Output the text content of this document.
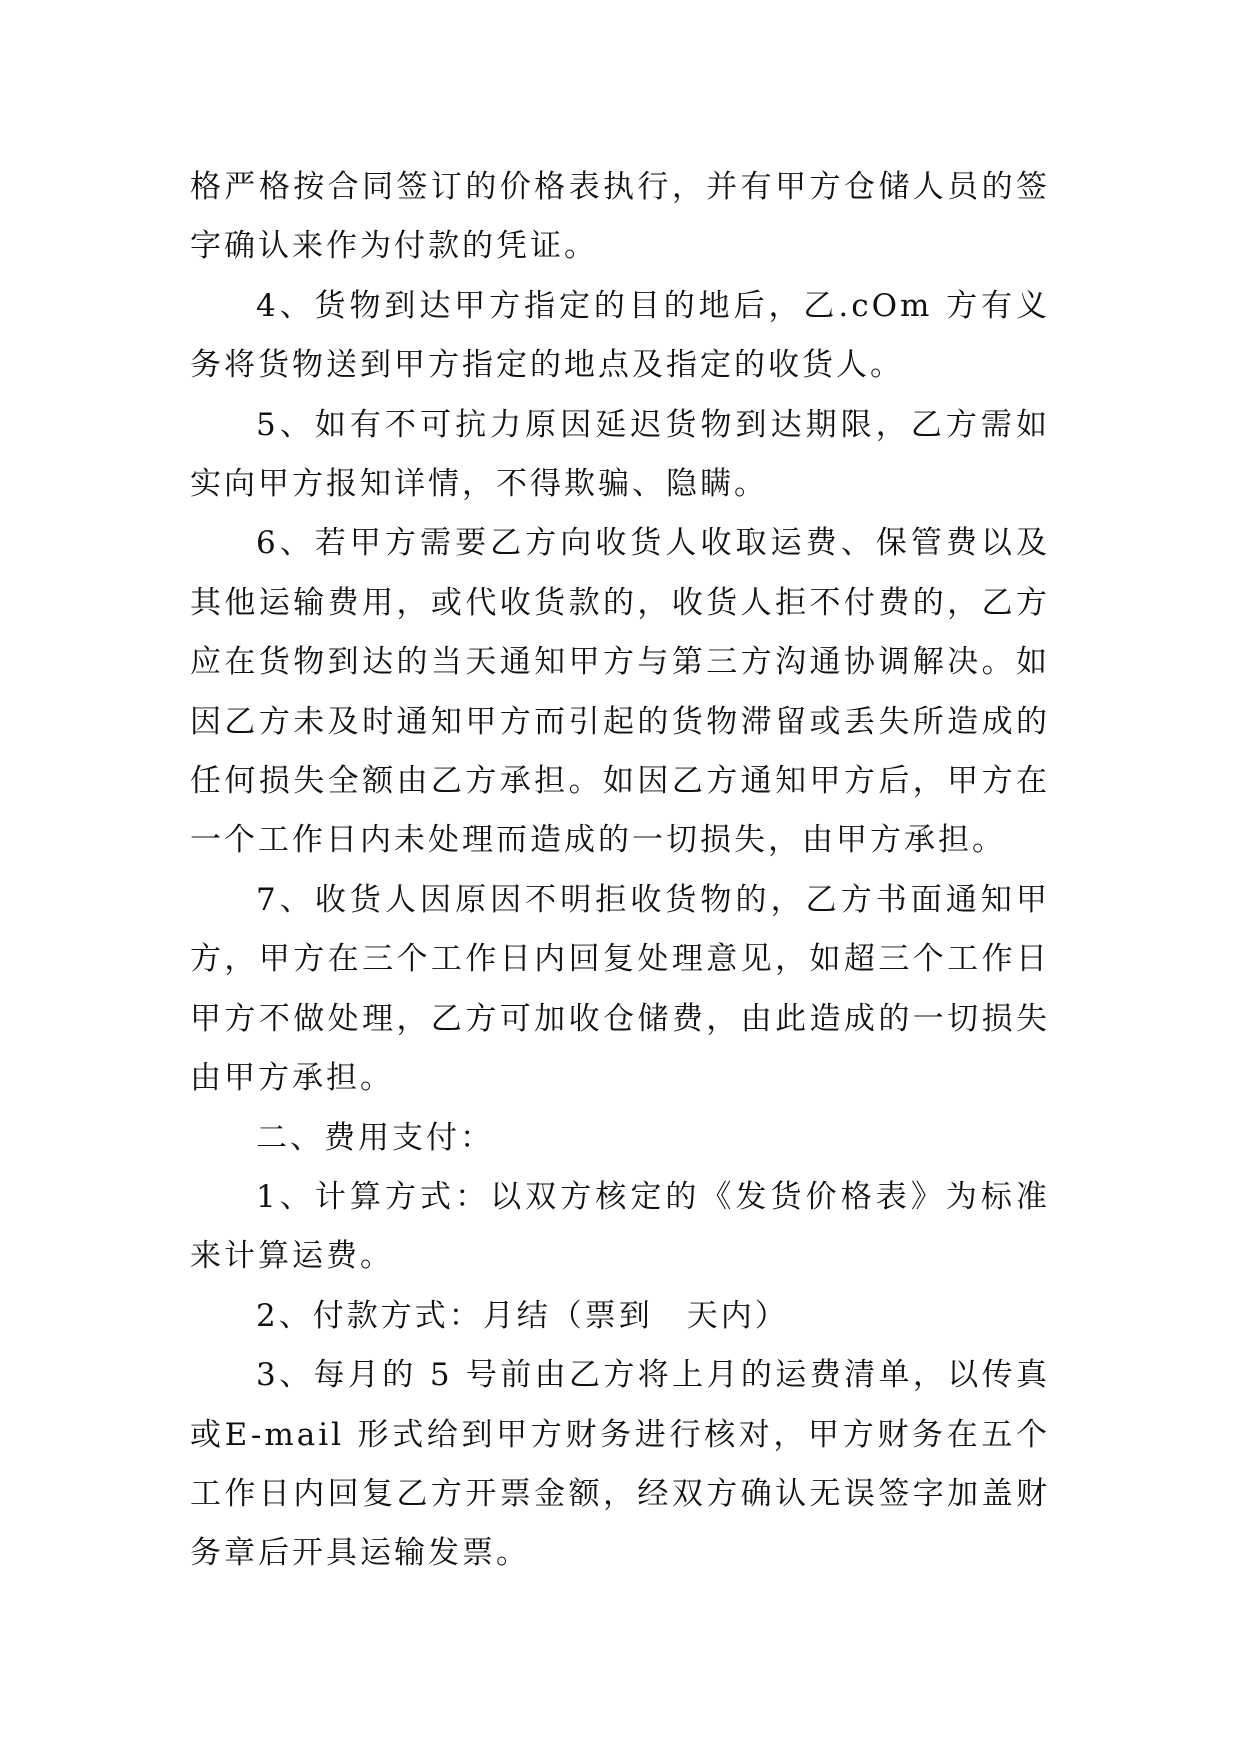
格严格按合同签订的价格表执行，并有甲方仓储人员的签字确认来作为付款的凭证。

4、货物到达甲方指定的目的地后，乙.cOm 方有义务将货物送到甲方指定的地点及指定的收货人。

5、如有不可抗力原因延迟货物到达期限，乙方需如实向甲方报知详情，不得欺骗、隐瞒。

6、若甲方需要乙方向收货人收取运费、保管费以及其他运输费用，或代收货款的，收货人拒不付费的，乙方应在货物到达的当天通知甲方与第三方沟通协调解决。如因乙方未及时通知甲方而引起的货物滞留或丢失所造成的任何损失全额由乙方承担。如因乙方通知甲方后，甲方在一个工作日内未处理而造成的一切损失，由甲方承担。

7、收货人因原因不明拒收货物的，乙方书面通知甲方，甲方在三个工作日内回复处理意见，如超三个工作日甲方不做处理，乙方可加收仓储费，由此造成的一切损失由甲方承担。

二、费用支付：

1、计算方式：以双方核定的《发货价格表》为标准来计算运费。

2、付款方式：月结（票到　天内）

3、每月的 5 号前由乙方将上月的运费清单，以传真或E-mail 形式给到甲方财务进行核对，甲方财务在五个工作日内回复乙方开票金额，经双方确认无误签字加盖财务章后开具运输发票。
